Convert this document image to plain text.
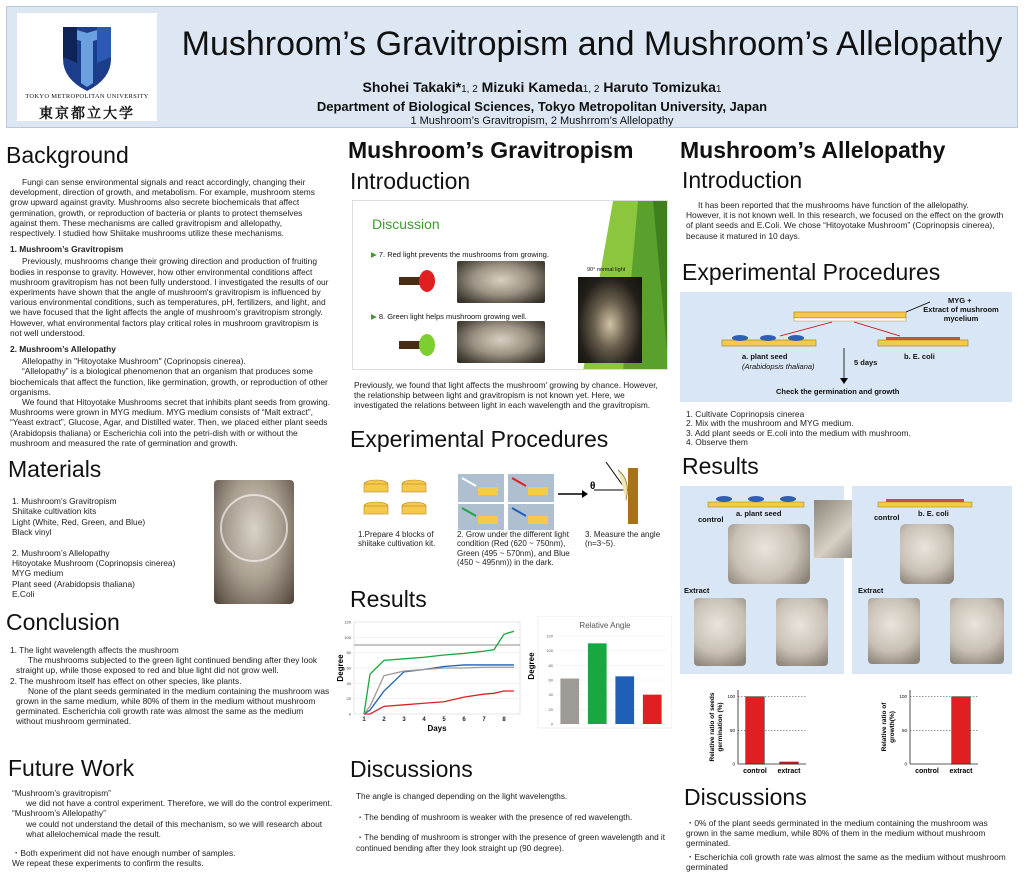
TOKYO METROPOLITAN UNIVERSITY
東京都立大学
Mushroom’s Gravitropism and Mushroom’s Allelopathy
Shohei Takaki*1, 2 Mizuki Kameda1, 2 Haruto Tomizuka1
Department of Biological Sciences, Tokyo Metropolitan University, Japan
1 Mushroom’s Gravitropism, 2 Mushrrom’s Allelopathy
Background

Fungi can sense environmental signals and react accordingly, changing their development, direction of growth, and metabolism. For example, mushroom stems grow upward against gravity. Mushrooms also secrete biochemicals that affect germination, growth, or reproduction of bacteria or plants to protect themselves against them. These mechanisms are called gravitropism and allelopathy, respectively. I studied how Shiitake mushrooms utilize these mechanisms.

1. Mushroom’s Gravitropism

Previously, mushrooms change their growing direction and production of fruiting bodies in response to gravity. However, how other environmental conditions affect mushroom gravitropism has not been fully understood. I investigated the results of our experiments have shown that the angle of mushroom's gravitropism is influenced by various environmental conditions, such as temperatures, pH, fertilizers, and light, and we have focused that the light affects the angle of mushroom's gravitropism strongly. However, what environmental factors play critical roles in mushroom gravitropism is not well understood.

2. Mushroom’s Allelopathy

Allelopathy in "Hitoyotake Mushroom" (Coprinopsis cinerea).

“Allelopathy” is a biological phenomenon that an organism that produces some biochemicals that affect the function, like germination, growth, or reproduction of other organisms.

We found that Hitoyotake Mushrooms secret that inhibits plant seeds from growing. Mushrooms were grown in MYG medium. MYG medium consists of “Malt extract”, “Yeast extract”, Glucose, Agar, and Distilled water. Then, we placed either plant seeds (Arabidopsis thaliana) or Escherichia coli into the petri-dish with or without the mushroom and measured the rate of germination and growth.

Materials
1. Mushroom’s Gravitropism
Shiitake cultivation kits
Light (White, Red, Green, and Blue)
Black vinyl
2. Mushroom’s Allelopathy
Hitoyotake Mushroom (Coprinopsis cinerea)
MYG medium
Plant seed (Arabidopsis thaliana)
E.Coli
Conclusion
1. The light wavelength affects the mushroom
The mushrooms subjected to the green light continued bending after they look straight up, while those exposed to red and blue light did not grow well.
2. The mushroom itself has effect on other species, like plants.
None of the plant seeds germinated in the medium containing the mushroom was grown in the same medium, while 80% of them in the medium without mushroom germinated. Escherichia coli growth rate was almost the same as the medium without mushroom germinated.
Future Work
“Mushroom’s gravitropism”
we did not have a control experiment. Therefore, we will do the control experiment.
“Mushroom’s Allelopathy”
we could not understand the detail of this mechanism, so we will research about what allelochemical made the result.
・Both experiment did not have enough number of samples.
We repeat these experiments to confirm the results.
Mushroom’s Gravitropism
Introduction
Discussion
▶ 7. Red light prevents the mushrooms from growing.
▶ 8. Green light helps mushroom growing well.
90° normal light
Previously, we found that light affects the mushroom' growing by chance. However, the relationship between light and gravitropism is not known yet. Here, we investigated the relations between light in each wavelength and the gravitropism.
Experimental Procedures
θ
1.Prepare 4 blocks of shiitake cultivation kit.
2. Grow under the different light condition (Red (620 ~ 750nm), Green (495 ~ 570nm), and Blue (450 ~ 495nm)) in the dark.
3. Measure the angle (n=3~5).
Results
0
20
40
60
80
100
120
1	2	3	4	5	6	7	8
Days
Degree
Relative Angle
0
20
40
60
80
100
120
Degree
Discussions
The angle is changed depending on the light wavelengths.
・The bending of mushroom is weaker with the presence of red wavelength.
・The bending of mushroom is stronger with the presence of green wavelength and it continued bending after they look straight up (90 degree).
Mushroom’s Allelopathy
Introduction
It has been reported that the mushrooms have function of the allelopathy. However, it is not known well. In this research, we focused on the effect on the growth of plant seeds and E.Coli. We chose “Hitoyotake Mushroom” (Coprinopsis cinerea), because it matured in 10 days.
Experimental Procedures
MYG +
Extract of mushroom mycelium
a. plant seed
(Arabidopsis thaliana)
b. E. coli
5 days
Check the germination and growth
1. Cultivate Coprinopsis cinerea
2. Mix with the mushroom and MYG medium.
3. Add plant seeds or E.coli into the medium with mushroom.
4. Observe them
Results
a. plant seed
control
Extract
control b. E. coli
Extract
0
50
100
control extract
Relative ratio of seeds germination (%)
0
50
100
control extract
Relative ratio of growth(%)
Discussions
・0% of the plant seeds germinated in the medium containing the mushroom was grown in the same medium, while 80% of them in the medium without mushroom germinated.
・Escherichia coli growth rate was almost the same as the medium without mushroom germinated
